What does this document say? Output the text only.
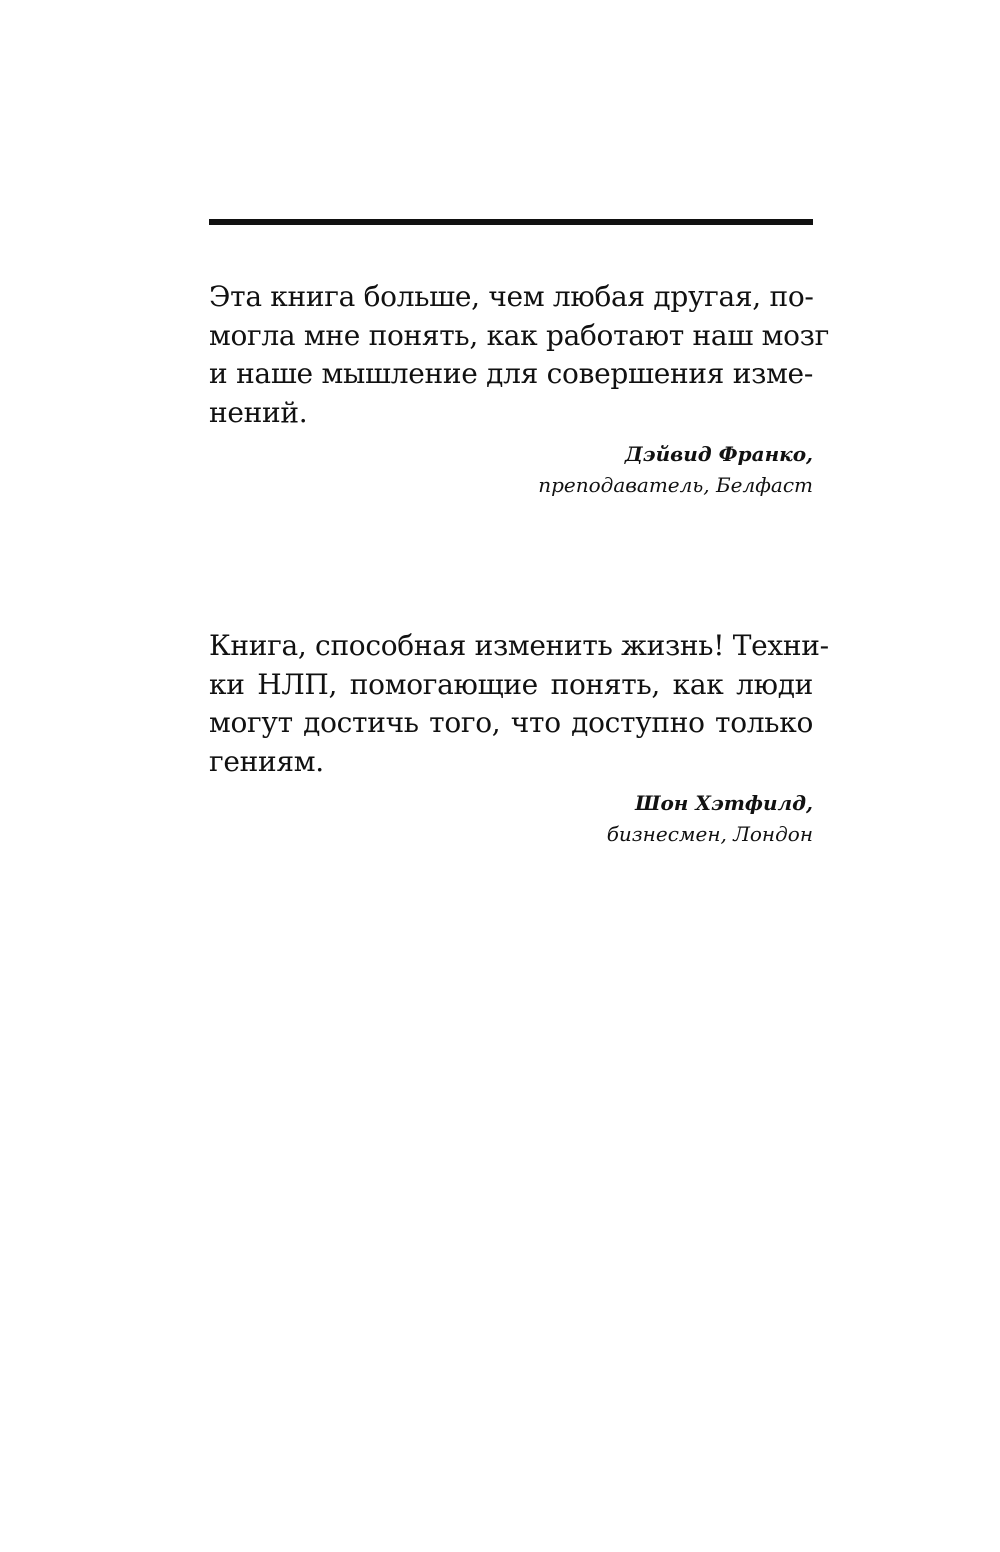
Эта книга больше, чем любая другая, по-
могла мне понять, как работают наш мозг
и наше мышление для совершения изме-
нений.
Дэйвид Франко,
преподаватель, Белфаст
Книга, способная изменить жизнь! Техни-
ки НЛП, помогающие понять, как люди
могут достичь того, что доступно только
гениям.
Шон Хэтфилд,
бизнесмен, Лондон
